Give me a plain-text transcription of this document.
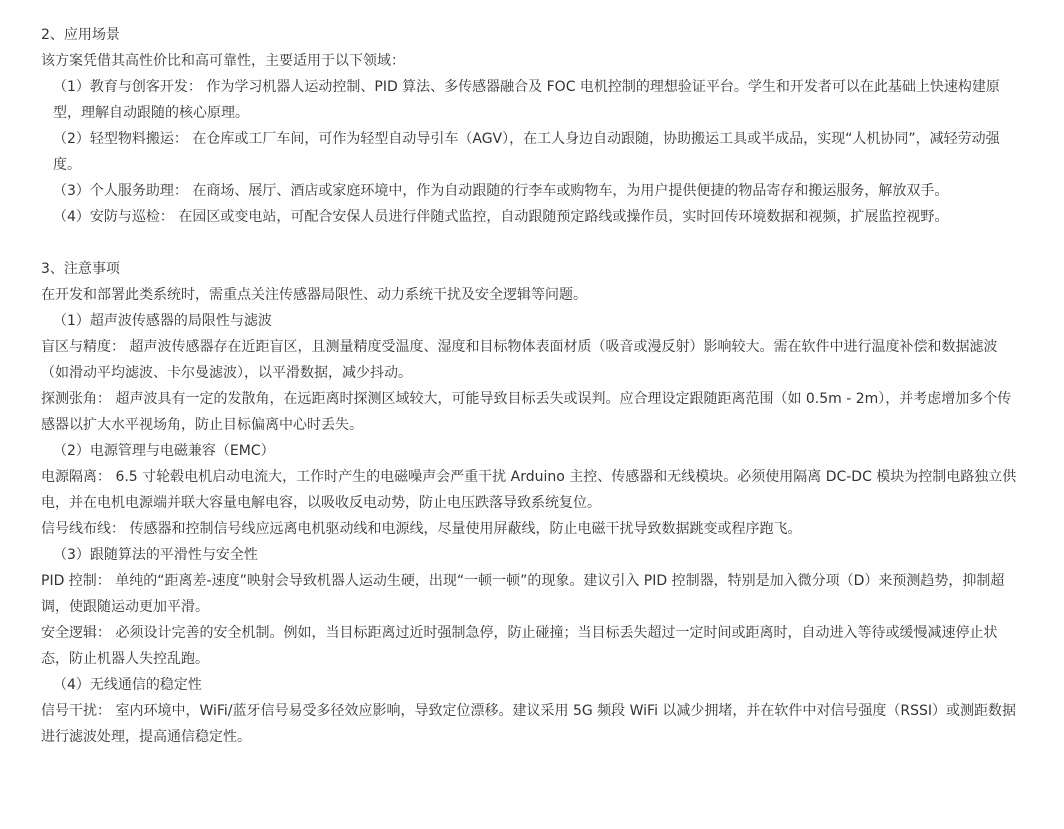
2、应用场景
该方案凭借其高性价比和高可靠性，主要适用于以下领域：
（1）教育与创客开发： 作为学习机器人运动控制、PID 算法、多传感器融合及 FOC 电机控制的理想验证平台。学生和开发者可以在此基础上快速构建原型，理解自动跟随的核心原理。
（2）轻型物料搬运： 在仓库或工厂车间，可作为轻型自动导引车（AGV），在工人身边自动跟随，协助搬运工具或半成品，实现“人机协同”，减轻劳动强度。
（3）个人服务助理： 在商场、展厅、酒店或家庭环境中，作为自动跟随的行李车或购物车，为用户提供便捷的物品寄存和搬运服务，解放双手。
（4）安防与巡检： 在园区或变电站，可配合安保人员进行伴随式监控，自动跟随预定路线或操作员，实时回传环境数据和视频，扩展监控视野。
3、注意事项
在开发和部署此类系统时，需重点关注传感器局限性、动力系统干扰及安全逻辑等问题。
（1）超声波传感器的局限性与滤波
盲区与精度： 超声波传感器存在近距盲区，且测量精度受温度、湿度和目标物体表面材质（吸音或漫反射）影响较大。需在软件中进行温度补偿和数据滤波（如滑动平均滤波、卡尔曼滤波），以平滑数据，减少抖动。
探测张角： 超声波具有一定的发散角，在远距离时探测区域较大，可能导致目标丢失或误判。应合理设定跟随距离范围（如 0.5m - 2m），并考虑增加多个传感器以扩大水平视场角，防止目标偏离中心时丢失。
（2）电源管理与电磁兼容（EMC）
电源隔离： 6.5 寸轮毂电机启动电流大，工作时产生的电磁噪声会严重干扰 Arduino 主控、传感器和无线模块。必须使用隔离 DC-DC 模块为控制电路独立供电，并在电机电源端并联大容量电解电容，以吸收反电动势，防止电压跌落导致系统复位。
信号线布线： 传感器和控制信号线应远离电机驱动线和电源线，尽量使用屏蔽线，防止电磁干扰导致数据跳变或程序跑飞。
（3）跟随算法的平滑性与安全性
PID 控制： 单纯的“距离差-速度”映射会导致机器人运动生硬，出现“一顿一顿”的现象。建议引入 PID 控制器，特别是加入微分项（D）来预测趋势，抑制超调，使跟随运动更加平滑。
安全逻辑： 必须设计完善的安全机制。例如，当目标距离过近时强制急停，防止碰撞；当目标丢失超过一定时间或距离时，自动进入等待或缓慢减速停止状态，防止机器人失控乱跑。
（4）无线通信的稳定性
信号干扰： 室内环境中，WiFi/蓝牙信号易受多径效应影响，导致定位漂移。建议采用 5G 频段 WiFi 以减少拥堵，并在软件中对信号强度（RSSI）或测距数据进行滤波处理，提高通信稳定性。
